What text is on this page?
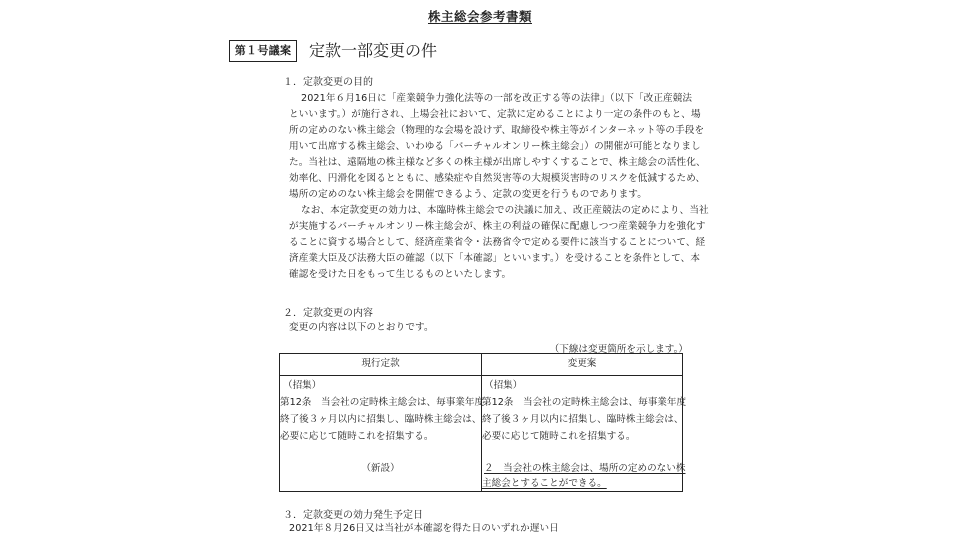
株主総会参考書類
第１号議案	定款一部変更の件
１．定款変更の目的
2021年６月16日に「産業競争力強化法等の一部を改正する等の法律」（以下「改正産競法
といいます。）が施行され、上場会社において、定款に定めることにより一定の条件のもと、場
所の定めのない株主総会（物理的な会場を設けず、取締役や株主等がインターネット等の手段を
用いて出席する株主総会、いわゆる「バーチャルオンリー株主総会」）の開催が可能となりまし
た。当社は、遠隔地の株主様など多くの株主様が出席しやすくすることで、株主総会の活性化、
効率化、円滑化を図るとともに、感染症や自然災害等の大規模災害時のリスクを低減するため、
場所の定めのない株主総会を開催できるよう、定款の変更を行うものであります。
なお、本定款変更の効力は、本臨時株主総会での決議に加え、改正産競法の定めにより、当社
が実施するバーチャルオンリー株主総会が、株主の利益の確保に配慮しつつ産業競争力を強化す
ることに資する場合として、経済産業省令・法務省令で定める要件に該当することについて、経
済産業大臣及び法務大臣の確認（以下「本確認」といいます。）を受けることを条件として、本
確認を受けた日をもって生じるものといたします。
２．定款変更の内容
変更の内容は以下のとおりです。
（下線は変更箇所を示します。）
現行定款	変更案
（招集）
第12条　当会社の定時株主総会は、毎事業年度
終了後３ヶ月以内に招集し、臨時株主総会は、
必要に応じて随時これを招集する。
（新設）
（招集）
第12条　当会社の定時株主総会は、毎事業年度
終了後３ヶ月以内に招集し、臨時株主総会は、
必要に応じて随時これを招集する。
２　当会社の株主総会は、場所の定めのない株
主総会とすることができる。
３．定款変更の効力発生予定日
2021年８月26日又は当社が本確認を得た日のいずれか遅い日
